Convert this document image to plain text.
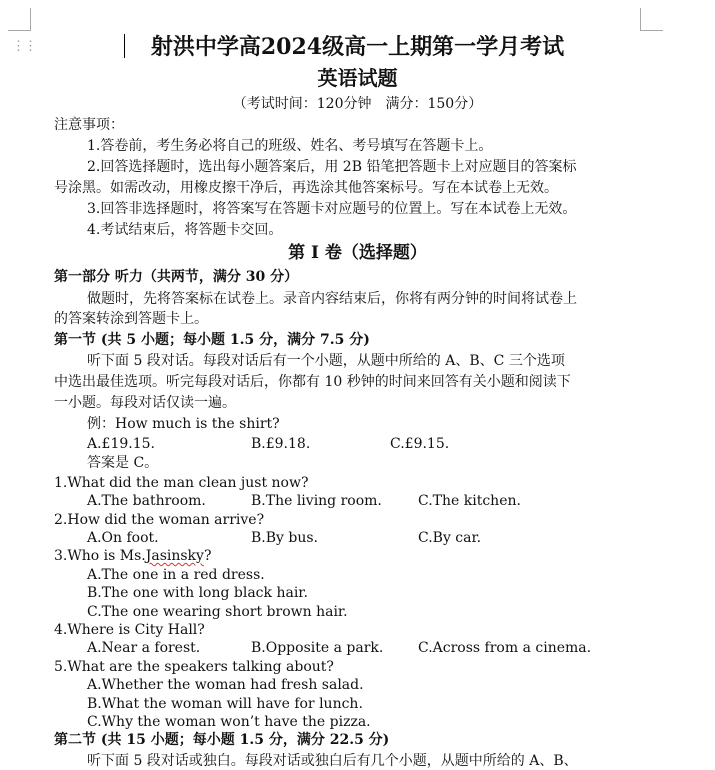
⋮⋮	射洪中学高2024级高一上期第一学月考试
英语试题
（考试时间：120分钟　满分：150分）
注意事项：
1.答卷前，考生务必将自己的班级、姓名、考号填写在答题卡上。
2.回答选择题时，选出每小题答案后，用 2B 铅笔把答题卡上对应题目的答案标
号涂黑。如需改动，用橡皮擦干净后，再选涂其他答案标号。写在本试卷上无效。
3.回答非选择题时，将答案写在答题卡对应题号的位置上。写在本试卷上无效。
4.考试结束后，将答题卡交回。
第 I 卷（选择题）
第一部分 听力（共两节，满分 30 分）
做题时，先将答案标在试卷上。录音内容结束后，你将有两分钟的时间将试卷上
的答案转涂到答题卡上。
第一节 (共 5 小题；每小题 1.5 分，满分 7.5 分)
听下面 5 段对话。每段对话后有一个小题，从题中所给的 A、B、C 三个选项
中选出最佳选项。听完每段对话后，你都有 10 秒钟的时间来回答有关小题和阅读下
一小题。每段对话仅读一遍。
例：How much is the shirt?
A.£19.15.	B.£9.18.	C.£9.15.
答案是 C。
1.What did the man clean just now?
A.The bathroom.	B.The living room.	C.The kitchen.
2.How did the woman arrive?
A.On foot.	B.By bus.	C.By car.
3.Who is Ms.Jasinsky?
A.The one in a red dress.
B.The one with long black hair.
C.The one wearing short brown hair.
4.Where is City Hall?
A.Near a forest.	B.Opposite a park. C.Across from a cinema.
5.What are the speakers talking about?
A.Whether the woman had fresh salad.
B.What the woman will have for lunch.
C.Why the woman won’t have the pizza.
第二节 (共 15 小题；每小题 1.5 分，满分 22.5 分)
听下面 5 段对话或独白。每段对话或独白后有几个小题，从题中所给的 A、B、
